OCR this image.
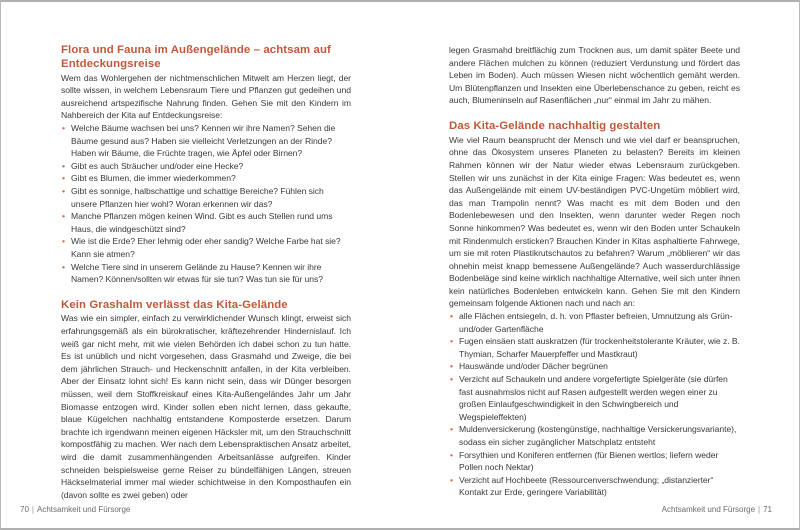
Flora und Fauna im Außengelände – achtsam auf Entdeckungsreise

Wem das Wohlergehen der nichtmenschlichen Mitwelt am Herzen liegt, der sollte wissen, in welchem Lebensraum Tiere und Pflanzen gut gedeihen und ausreichend artspezifische Nahrung finden. Gehen Sie mit den Kindern im Nahbereich der Kita auf Entdeckungsreise:

• Welche Bäume wachsen bei uns? Kennen wir ihre Namen? Sehen die Bäume gesund aus? Haben sie vielleicht Verletzungen an der Rinde? Haben wir Bäume, die Früchte tragen, wie Äpfel oder Birnen?
• Gibt es auch Sträucher und/oder eine Hecke?
• Gibt es Blumen, die immer wiederkommen?
• Gibt es sonnige, halbschattige und schattige Bereiche? Fühlen sich unsere Pflanzen hier wohl? Woran erkennen wir das?
• Manche Pflanzen mögen keinen Wind. Gibt es auch Stellen rund ums Haus, die windgeschützt sind?
• Wie ist die Erde? Eher lehmig oder eher sandig? Welche Farbe hat sie? Kann sie atmen?
• Welche Tiere sind in unserem Gelände zu Hause? Kennen wir ihre Namen? Können/sollten wir etwas für sie tun? Was tun sie für uns?
Kein Grashalm verlässt das Kita-Gelände

Was wie ein simpler, einfach zu verwirklichender Wunsch klingt, erweist sich erfahrungsgemäß als ein bürokratischer, kräftezehrender Hindernislauf. Ich weiß gar nicht mehr, mit wie vielen Behörden ich dabei schon zu tun hatte. Es ist unüblich und nicht vorgesehen, dass Grasmahd und Zweige, die bei dem jährlichen Strauch- und Heckenschnitt anfallen, in der Kita verbleiben. Aber der Einsatz lohnt sich! Es kann nicht sein, dass wir Dünger besorgen müssen, weil dem Stoffkreiskauf eines Kita-Außengeländes Jahr um Jahr Biomasse entzogen wird. Kinder sollen eben nicht lernen, dass gekaufte, blaue Kügelchen nachhaltig entstandene Komposterde ersetzen. Darum brachte ich irgendwann meinen eigenen Häcksler mit, um den Strauchschnitt kompostfähig zu machen. Wer nach dem Lebenspraktischen Ansatz arbeitet, wird die damit zusammenhängenden Arbeitsanlässe aufgreifen. Kinder schneiden beispielsweise gerne Reiser zu bündelfähigen Längen, streuen Häckselmaterial immer mal wieder schichtweise in den Komposthaufen ein (davon sollte es zwei geben) oder

70 | Achtsamkeit und Fürsorge

legen Grasmahd breitflächig zum Trocknen aus, um damit später Beete und andere Flächen mulchen zu können (reduziert Verdunstung und fördert das Leben im Boden). Auch müssen Wiesen nicht wöchentlich gemäht werden. Um Blütenpflanzen und Insekten eine Überlebenschance zu geben, reicht es auch, Blumeninseln auf Rasenflächen „nur“ einmal im Jahr zu mähen.

Das Kita-Gelände nachhaltig gestalten

Wie viel Raum beansprucht der Mensch und wie viel darf er beanspruchen, ohne das Ökosystem unseres Planeten zu belasten? Bereits im kleinen Rahmen können wir der Natur wieder etwas Lebensraum zurückgeben. Stellen wir uns zunächst in der Kita einige Fragen: Was bedeutet es, wenn das Außengelände mit einem UV-beständigen PVC-Ungetüm möbliert wird, das man Trampolin nennt? Was macht es mit dem Boden und den Bodenlebewesen und den Insekten, wenn darunter weder Regen noch Sonne hinkommen? Was bedeutet es, wenn wir den Boden unter Schaukeln mit Rindenmulch ersticken? Brauchen Kinder in Kitas asphaltierte Fahrwege, um sie mit roten Plastikrutschautos zu befahren? Warum „möblieren“ wir das ohnehin meist knapp bemessene Außengelände? Auch wasserdurchlässige Bodenbeläge sind keine wirklich nachhaltige Alternative, weil sich unter ihnen kein natürliches Bodenleben entwickeln kann. Gehen Sie mit den Kindern gemeinsam folgende Aktionen nach und nach an:

• alle Flächen entsiegeln, d. h. von Pflaster befreien, Umnutzung als Grün- und/oder Gartenfläche
• Fugen einsäen statt auskratzen (für trockenheitstolerante Kräuter, wie z. B. Thymian, Scharfer Mauerpfeffer und Mastkraut)
• Hauswände und/oder Dächer begrünen
• Verzicht auf Schaukeln und andere vorgefertigte Spielgeräte (sie dürfen fast ausnahmslos nicht auf Rasen aufgestellt werden wegen einer zu großen Einlaufgeschwindigkeit in den Schwingbereich und Wegspieleffekten)
• Muldenversickerung (kostengünstige, nachhaltige Versickerungsvariante), sodass ein sicher zugänglicher Matschplatz entsteht
• Forsythien und Koniferen entfernen (für Bienen wertlos; liefern weder Pollen noch Nektar)
• Verzicht auf Hochbeete (Ressourcenverschwendung; „distanzierter“ Kontakt zur Erde, geringere Variabilität)
Achtsamkeit und Fürsorge | 71
